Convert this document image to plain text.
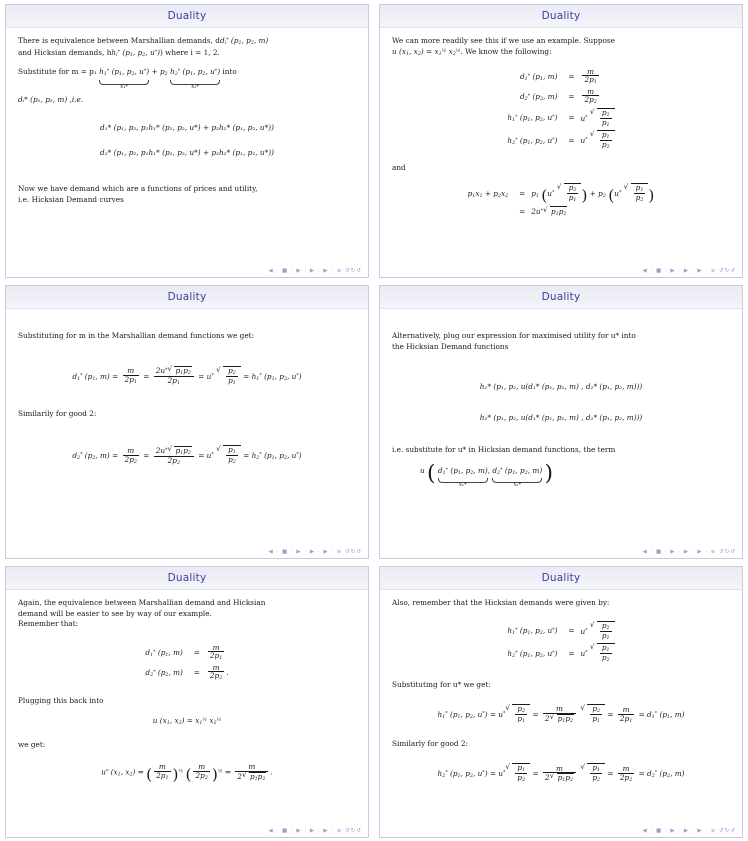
Duality

There is equivalence between Marshallian demands, $dd_i^*$ ($p_1$, $p_2$, m)
and Hicksian demands, $hh_i^*$ ($p_1$, $p_2$, u*)) where i = 1, 2.

Substitute for m = p₁ $h_1^*$ ($p_1$, $p_2$, u*)
x₁*
+ $p_2$ $h_2^*$ ($p_1$, $p_2$, u*)
x₂*
into

dᵢ* (p₁, p₂, m) ,i.e.

d₁* (p₁, p₂, p₁h₁* (p₁, p₂, u*) + p₂h₂* (p₁, p₂, u*))
d₂* (p₁, p₂, p₁h₁* (p₁, p₂, u*) + p₂h₂* (p₁, p₂, u*))

Now we have demand which are a functions of prices and utility,
i.e. Hicksian Demand curves

◀ · ■ · ▶ · ▶ · ▶ · ≡ ↺↻↺
Duality

We can more readily see this if we use an example. Suppose
u ($x_1$, $x_2) = x_1^{\frac{1}{2}}$ $x_2^{\frac{1}{2}}$. We know the following:

$d_1^*$ ($p_1$, m)	=	$\frac{m}{2p_1}$

$d_2^*$ ($p_2$, m)	=	$\frac{m}{2p_2}$

$h_1^*$ ($p_1$, $p_2$, u*)	=	u* √ $\frac{p_2}{p_1}$

$h_2^*$ ($p_1$, $p_2$, u*)	=	u* √ $\frac{p_1}{p_2}$

and

$p_1x_1 + p_2x_2$	=	$p_1$ (u* √ $\frac{p_2}{p_1}$ ) + $p_2$ (u* √ $\frac{p_1}{p_2}$ )
	=	2u* √ $p_1p_2$
◀ · ■ · ▶ · ▶ · ▶ · ≡ ↺↻↺
Duality

Substituting for m in the Marshallian demand functions we get:

$d_1^*$ ($p_1$, $m) = \frac{m}{2p_1} = \frac{2u^* √ p_1p_2}{2p_1} = u^*$ √ $\frac{p_2}{p_1} = h_1^*$ ($p_1$, $p_2$, u*)

Similarily for good 2:

$d_2^*$ ($p_2$, $m) = \frac{m}{2p_2} = \frac{2u^* √ p_1p_2}{2p_2} = u^*$ √ $\frac{p_1}{p_2} = h_2^*$ ($p_1$, $p_2$, u*)
◀ · ■ · ▶ · ▶ · ▶ · ≡ ↺↻↺
Duality

Alternatively, plug our expression for maximised utility for u* into
the Hicksian Demand functions

h₁* (p₁, p₂, u(d₁* (p₁, p₂, m) , d₂* (p₁, p₂, m)))
h₂* (p₁, p₂, u(d₁* (p₁, p₂, m) , d₂* (p₁, p₂, m)))

i.e. substitute for u* in Hicksian demand functions, the term

u ( $d_1^*$ ($p_1$, $p_2$, m)
x₁*
, $d_2^*$ ($p_1$, $p_2$, m)
x₂*	)
◀ · ■ · ▶ · ▶ · ▶ · ≡ ↺↻↺
Duality

Again, the equivalence between Marshallian demand and Hicksian
demand will be easier to see by way of our example.
Remember that:

$d_1^*$ ($p_1$, m)	=	$\frac{m}{2p_1}$

$d_2^*$ ($p_2$, m)	=	$\frac{m}{2p_2}$ .

Plugging this back into

u ($x_1$, $x_2) = x_1^{\frac{1}{2}}$ $x_2^{\frac{1}{2}}$

we get:

u* ($x_1$, $x_2$) = ( $\frac{m}{2p_1} )^{\frac{1}{2}}$ ( $\frac{m}{2p_2} )^{\frac{1}{2}} = \frac{m}{2 √ p_1p_2}$ .
◀ · ■ · ▶ · ▶ · ▶ · ≡ ↺↻↺
Duality

Also, remember that the Hicksian demands were given by:

$h_1^*$ ($p_1$, $p_2$, u*)	=	u* √ $\frac{p_2}{p_1}$

$h_2^*$ ($p_1$, $p_2$, u*)	=	u* √ $\frac{p_1}{p_2}$

Substituting for u* we get:

$h_1^*$ ($p_1$, $p_2$, u*) = u* √ $\frac{p_2}{p_1} = \frac{m}{2 √ p_1p_2}$
√ $\frac{p_2}{p_1} = \frac{m}{2p_1} = d_1^*$ ($p_1$, m)

Similarly for good 2:

$h_2^*$ ($p_1$, $p_2$, u*) = u* √ $\frac{p_1}{p_2} = \frac{m}{2 √ p_1p_2}$
√ $\frac{p_1}{p_2} = \frac{m}{2p_2} = d_2^*$ ($p_2$, m)
◀ · ■ · ▶ · ▶ · ▶ · ≡ ↺↻↺
